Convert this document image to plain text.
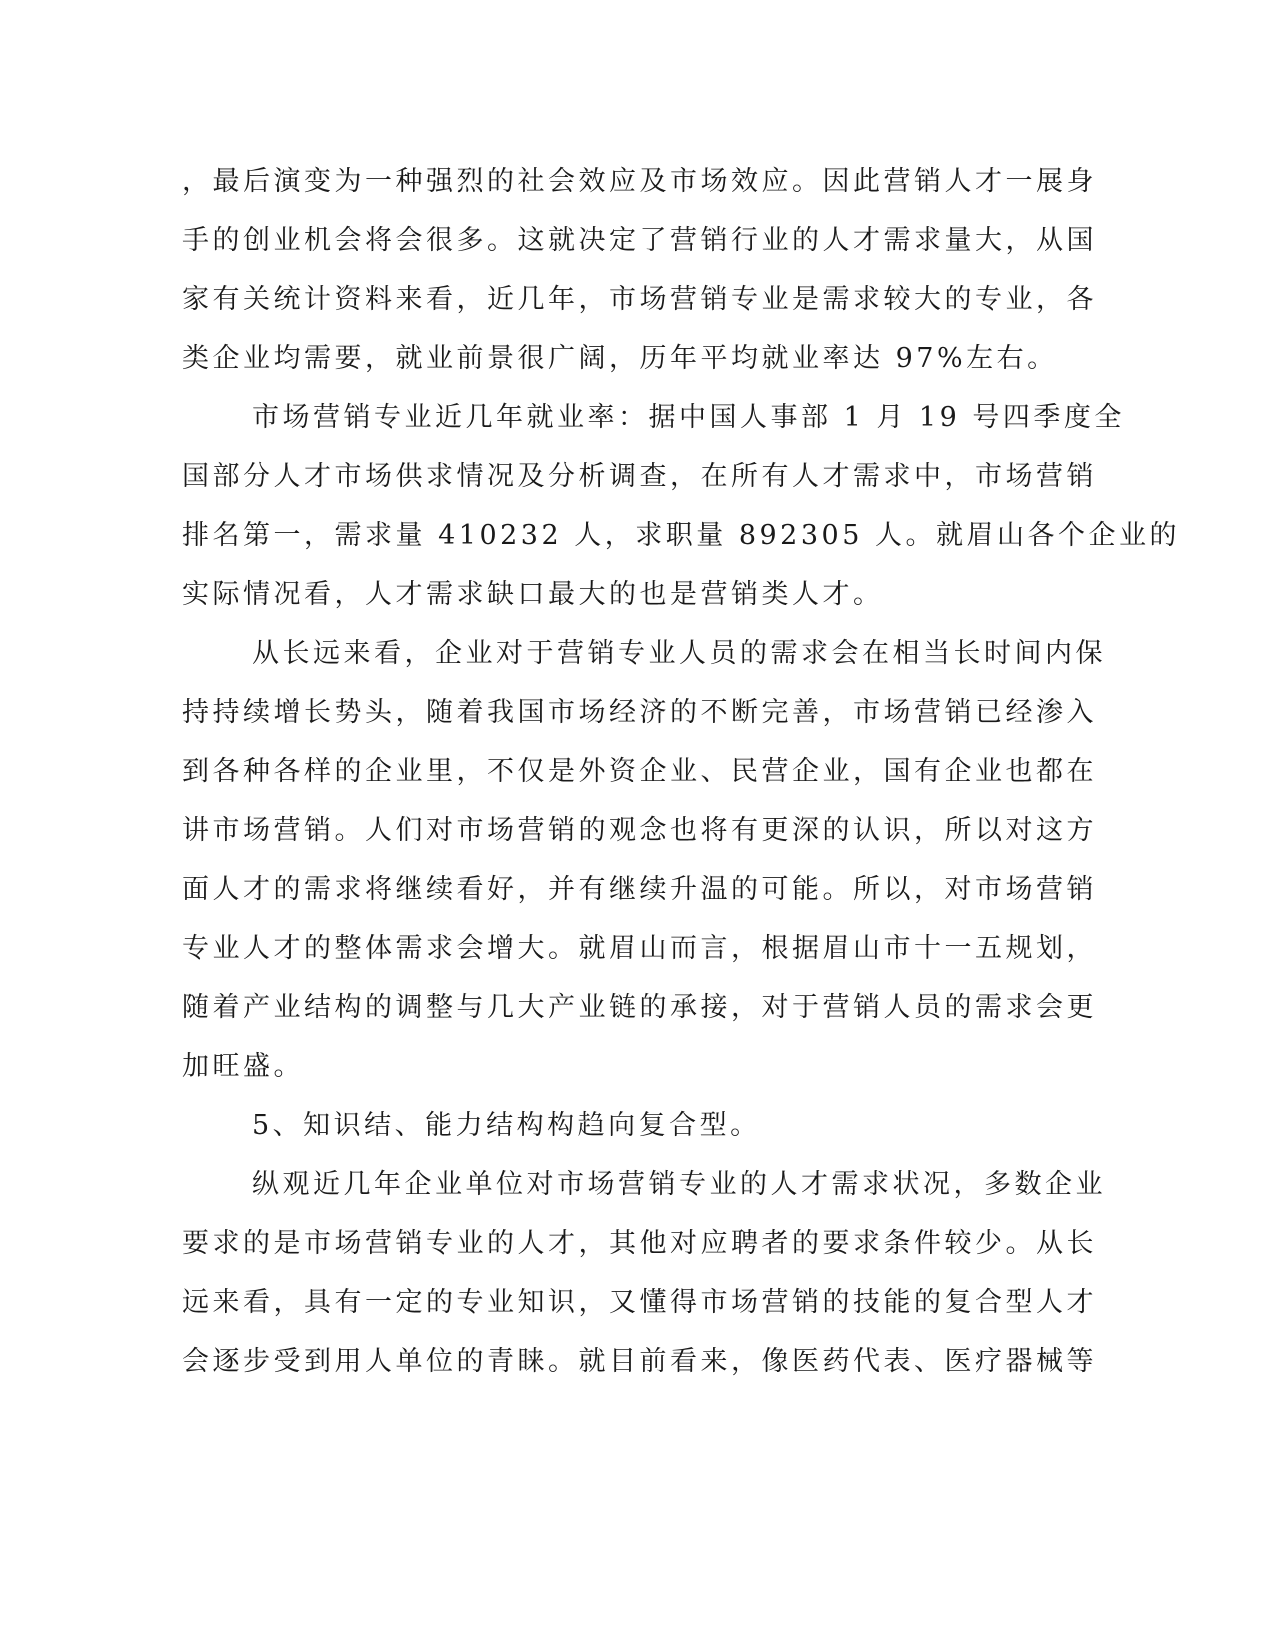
，最后演变为一种强烈的社会效应及市场效应。因此营销人才一展身
手的创业机会将会很多。这就决定了营销行业的人才需求量大，从国
家有关统计资料来看，近几年，市场营销专业是需求较大的专业，各
类企业均需要，就业前景很广阔，历年平均就业率达 97%左右。
市场营销专业近几年就业率：据中国人事部 1 月 19 号四季度全
国部分人才市场供求情况及分析调查，在所有人才需求中，市场营销
排名第一，需求量 410232 人，求职量 892305 人。就眉山各个企业的
实际情况看，人才需求缺口最大的也是营销类人才。
从长远来看，企业对于营销专业人员的需求会在相当长时间内保
持持续增长势头，随着我国市场经济的不断完善，市场营销已经渗入
到各种各样的企业里，不仅是外资企业、民营企业，国有企业也都在
讲市场营销。人们对市场营销的观念也将有更深的认识，所以对这方
面人才的需求将继续看好，并有继续升温的可能。所以，对市场营销
专业人才的整体需求会增大。就眉山而言，根据眉山市十一五规划，
随着产业结构的调整与几大产业链的承接，对于营销人员的需求会更
加旺盛。
5、知识结、能力结构构趋向复合型。
纵观近几年企业单位对市场营销专业的人才需求状况，多数企业
要求的是市场营销专业的人才，其他对应聘者的要求条件较少。从长
远来看，具有一定的专业知识，又懂得市场营销的技能的复合型人才
会逐步受到用人单位的青睐。就目前看来，像医药代表、医疗器械等
